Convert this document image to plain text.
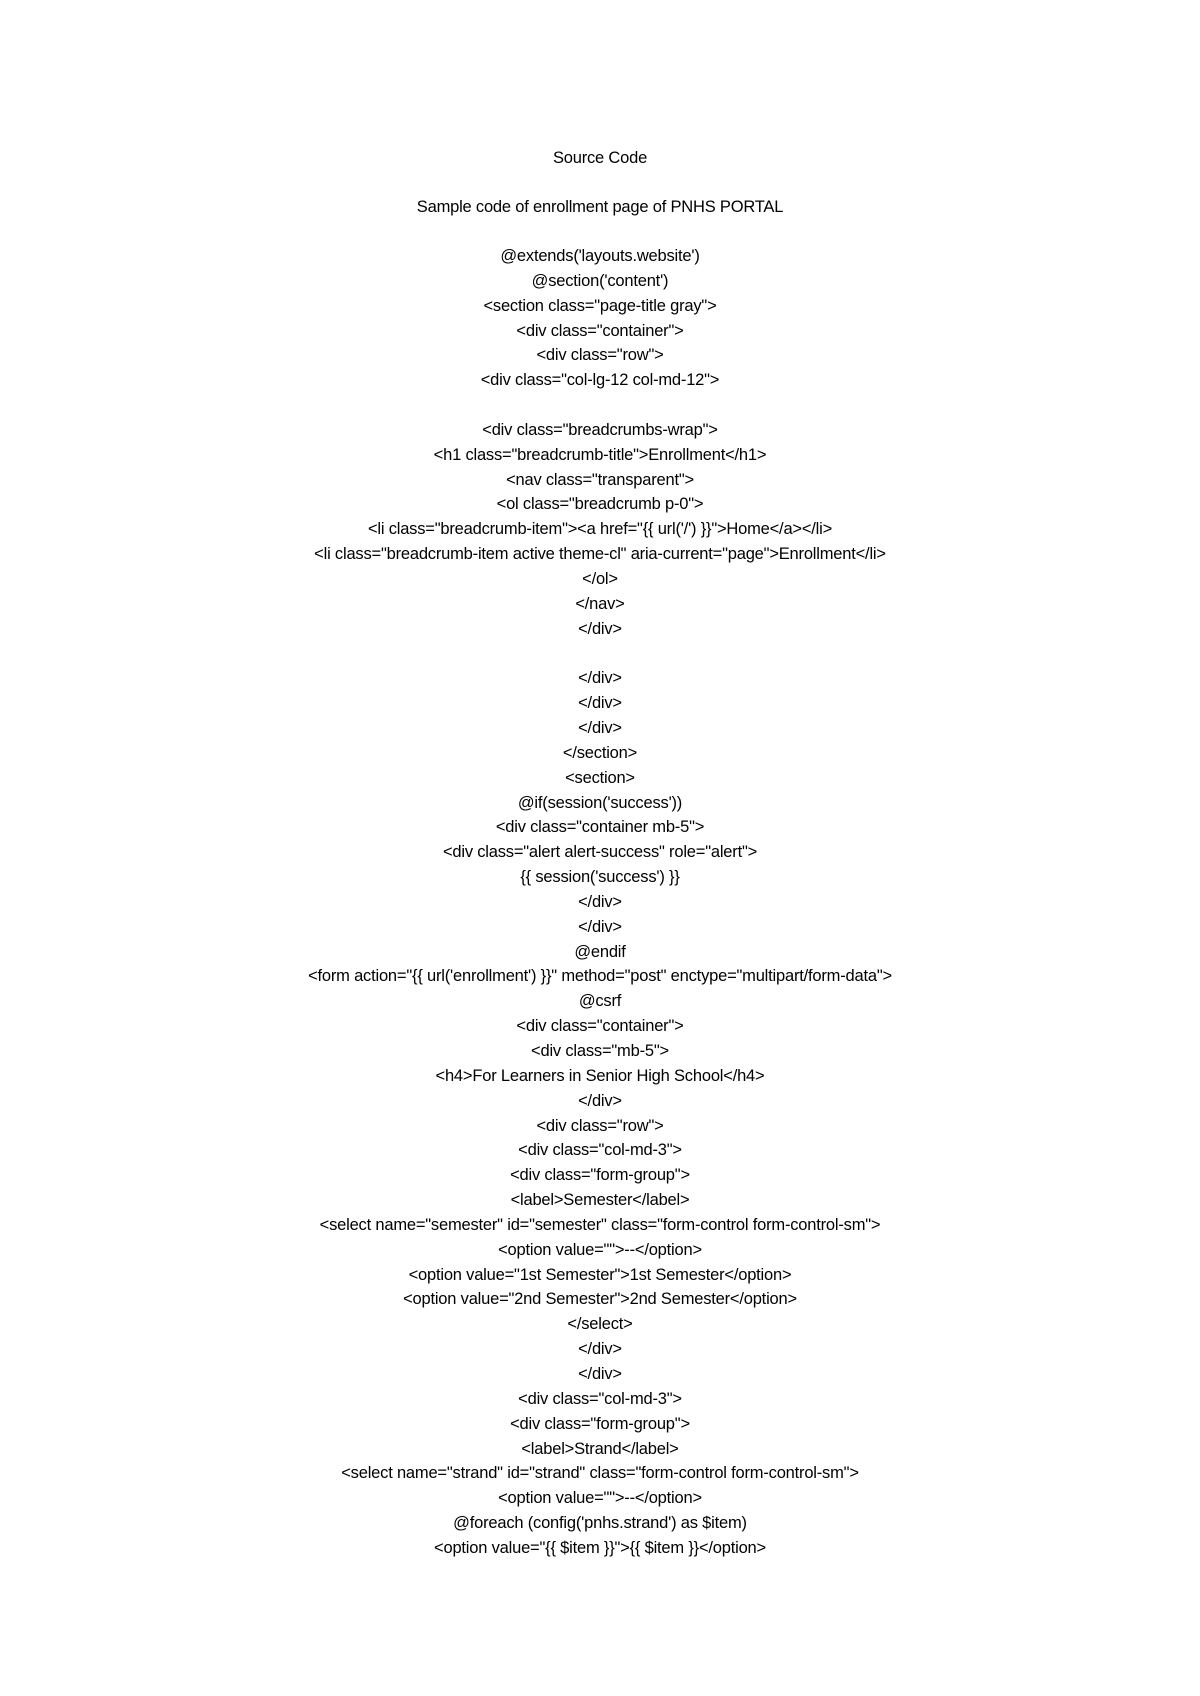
Source Code
Sample code of enrollment page of PNHS PORTAL
@extends('layouts.website')
@section('content')
<section class="page-title gray">
<div class="container">
<div class="row">
<div class="col-lg-12 col-md-12">
<div class="breadcrumbs-wrap">
<h1 class="breadcrumb-title">Enrollment</h1>
<nav class="transparent">
<ol class="breadcrumb p-0">
<li class="breadcrumb-item"><a href="{{ url('/') }}">Home</a></li>
<li class="breadcrumb-item active theme-cl" aria-current="page">Enrollment</li>
</ol>
</nav>
</div>
</div>
</div>
</div>
</section>
<section>
@if(session('success'))
<div class="container mb-5">
<div class="alert alert-success" role="alert">
{{ session('success') }}
</div>
</div>
@endif
<form action="{{ url('enrollment') }}" method="post" enctype="multipart/form-data">
@csrf
<div class="container">
<div class="mb-5">
<h4>For Learners in Senior High School</h4>
</div>
<div class="row">
<div class="col-md-3">
<div class="form-group">
<label>Semester</label>
<select name="semester" id="semester" class="form-control form-control-sm">
<option value="">--</option>
<option value="1st Semester">1st Semester</option>
<option value="2nd Semester">2nd Semester</option>
</select>
</div>
</div>
<div class="col-md-3">
<div class="form-group">
<label>Strand</label>
<select name="strand" id="strand" class="form-control form-control-sm">
<option value="">--</option>
@foreach (config('pnhs.strand') as $item)
<option value="{{ $item }}">{{ $item }}</option>
